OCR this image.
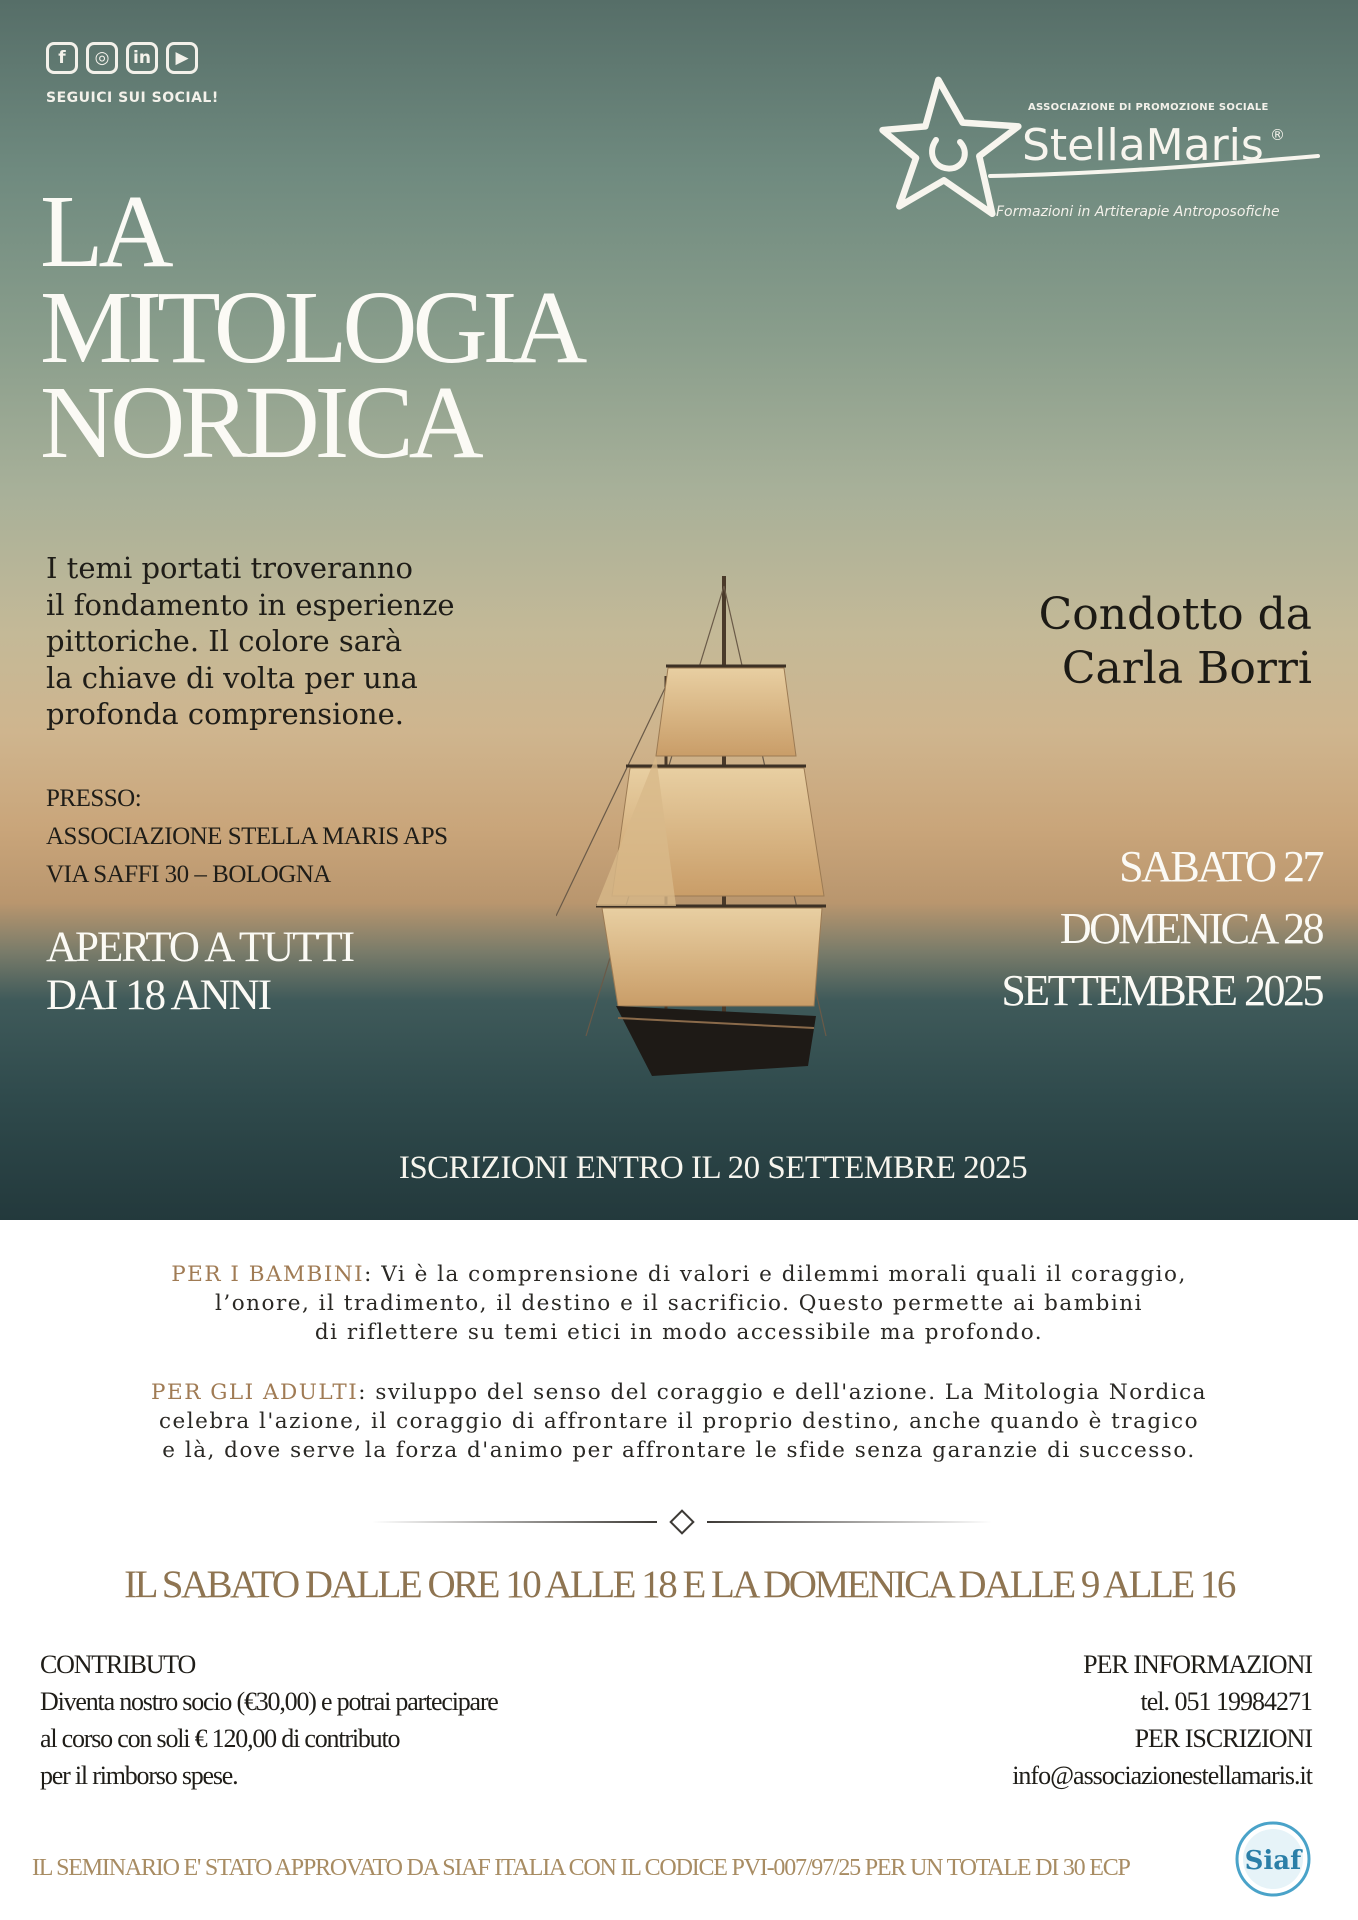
f	◎	in	▶
SEGUICI SUI SOCIAL!
ASSOCIAZIONE DI PROMOZIONE SOCIALE
StellaMaris ®
Formazioni in Artiterapie Antroposofiche
LA
MITOLOGIA
NORDICA

I temi portati troveranno
il fondamento in esperienze
pittoriche. Il colore sarà
la chiave di volta per una
profonda comprensione.

PRESSO:
ASSOCIAZIONE STELLA MARIS APS
VIA SAFFI 30 – BOLOGNA
APERTO A TUTTI
DAI 18 ANNI
Condotto da
Carla Borri
SABATO 27
DOMENICA 28
SETTEMBRE 2025
ISCRIZIONI ENTRO IL 20 SETTEMBRE 2025

PER I BAMBINI: Vi è la comprensione di valori e dilemmi morali quali il coraggio,
l’onore, il tradimento, il destino e il sacrificio. Questo permette ai bambini
di riflettere su temi etici in modo accessibile ma profondo.

PER GLI ADULTI: sviluppo del senso del coraggio e dell'azione. La Mitologia Nordica
celebra l'azione, il coraggio di affrontare il proprio destino, anche quando è tragico
e là, dove serve la forza d'animo per affrontare le sfide senza garanzie di successo.

IL SABATO DALLE ORE 10 ALLE 18 E LA DOMENICA DALLE 9 ALLE 16
CONTRIBUTO
Diventa nostro socio (€30,00) e potrai partecipare
al corso con soli € 120,00 di contributo
per il rimborso spese.
PER INFORMAZIONI
tel. 051 19984271
PER ISCRIZIONI
info@associazionestellamaris.it
IL SEMINARIO E' STATO APPROVATO DA SIAF ITALIA CON IL CODICE PVI-007/97/25 PER UN TOTALE DI 30 ECP	Siaf
